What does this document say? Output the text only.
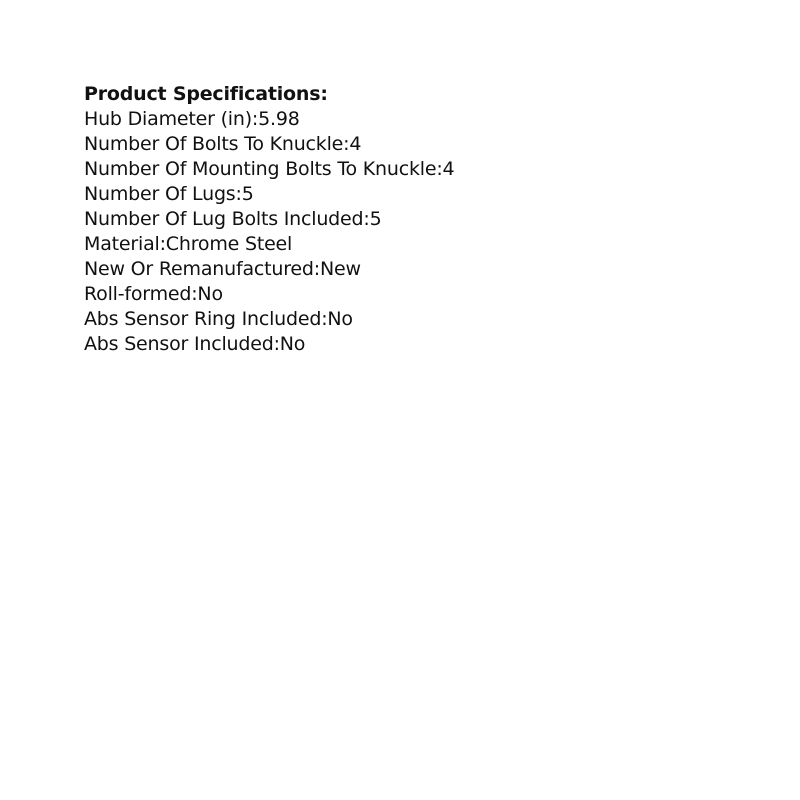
Product Specifications:
Hub Diameter (in):5.98
Number Of Bolts To Knuckle:4
Number Of Mounting Bolts To Knuckle:4
Number Of Lugs:5
Number Of Lug Bolts Included:5
Material:Chrome Steel
New Or Remanufactured:New
Roll-formed:No
Abs Sensor Ring Included:No
Abs Sensor Included:No
